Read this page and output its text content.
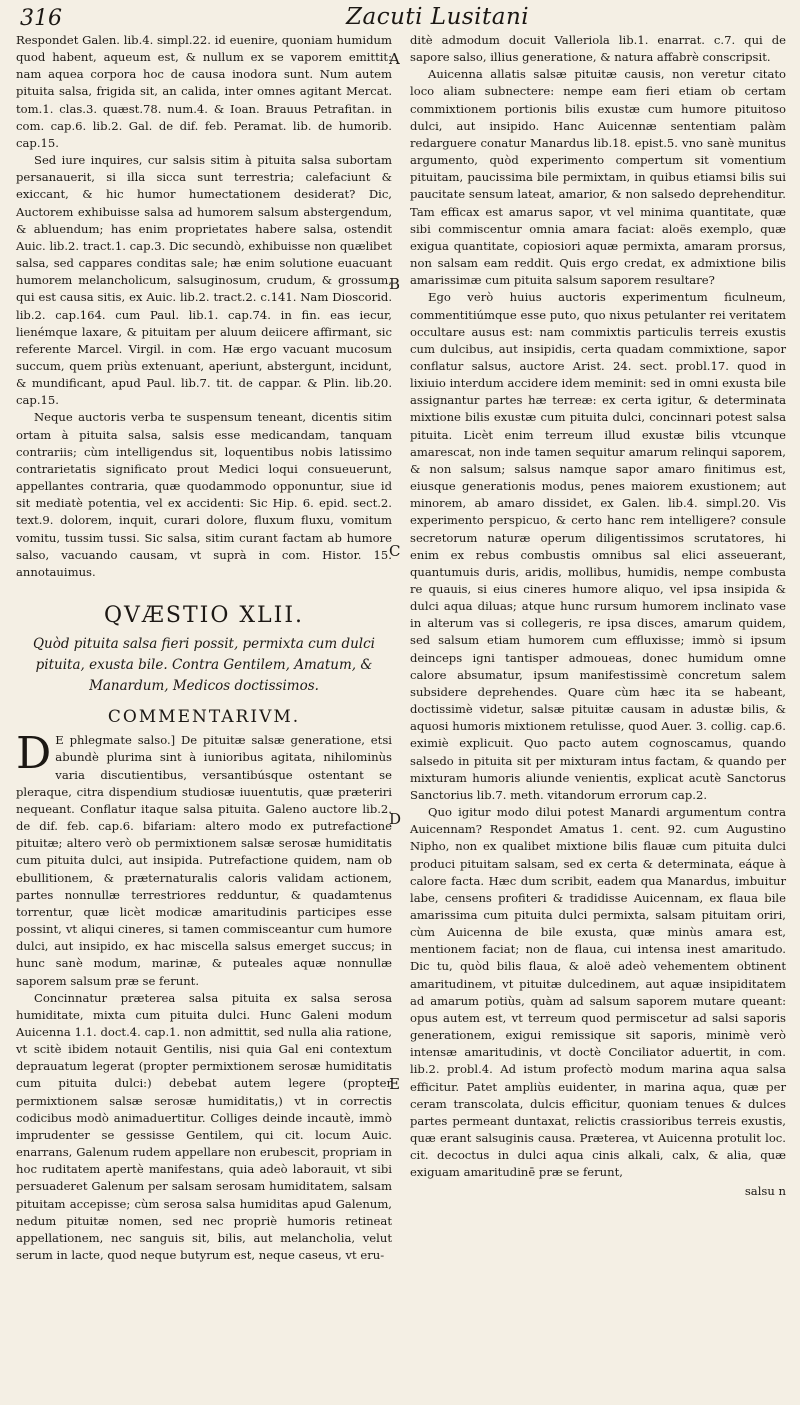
316	Zacuti Lusitani
A
B
C
D
E

Respondet Galen. lib.4. simpl.22. id euenire, quoniam humidum quod habent, aqueum est, & nullum ex se vaporem emittit: nam aquea corpora hoc de causa inodora sunt. Num autem pituita salsa, frigida sit, an calida, inter omnes agitant Mercat. tom.1. clas.3. quæst.78. num.4. & Ioan. Brauus Petrafitan. in com. cap.6. lib.2. Gal. de dif. feb. Peramat. lib. de humorib. cap.15.

Sed iure inquires, cur salsis sitim à pituita salsa subortam persanauerit, si illa sicca sunt terrestria; calefaciunt & exiccant, & hic humor humectationem desiderat? Dic, Auctorem exhibuisse salsa ad humorem salsum abstergendum, & abluendum; has enim proprietates habere salsa, ostendit Auic. lib.2. tract.1. cap.3. Dic secundò, exhibuisse non quælibet salsa, sed cappares conditas sale; hæ enim solutione euacuant humorem melancholicum, salsuginosum, crudum, & grossum, qui est causa sitis, ex Auic. lib.2. tract.2. c.141. Nam Dioscorid. lib.2. cap.164. cum Paul. lib.1. cap.74. in fin. eas iecur, lienémque laxare, & pituitam per aluum deiicere affirmant, sic referente Marcel. Virgil. in com. Hæ ergo vacuant mucosum succum, quem priùs extenuant, aperiunt, abstergunt, incidunt, & mundificant, apud Paul. lib.7. tit. de cappar. & Plin. lib.20. cap.15.

Neque auctoris verba te suspensum teneant, dicentis sitim ortam à pituita salsa, salsis esse medicandam, tanquam contrariis; cùm intelligendus sit, loquentibus nobis latissimo contrarietatis significato prout Medici loqui consueuerunt, appellantes contraria, quæ quodammodo opponuntur, siue id sit mediatè potentia, vel ex accidenti: Sic Hip. 6. epid. sect.2. text.9. dolorem, inquit, curari dolore, fluxum fluxu, vomitum vomitu, tussim tussi. Sic salsa, sitim curant factam ab humore salso, vacuando causam, vt suprà in com. Histor. 15. annotauimus.

QVÆSTIO XLII.
Quòd pituita salsa fieri possit, permixta cum dulci pituita, exusta bile. Contra Gentilem, Amatum, & Manardum, Medicos doctissimos.
COMMENTARIVM.

D E phlegmate salso.] De pituitæ salsæ generatione, etsi abundè plurima sint à iunioribus agitata, nihilominùs varia discutientibus, versantibúsque ostentant se pleraque, citra dispendium studiosæ iuuentutis, quæ præteriri nequeant. Conflatur itaque salsa pituita. Galeno auctore lib.2. de dif. feb. cap.6. bifariam: altero modo ex putrefactione pituitæ; altero verò ob permixtionem salsæ serosæ humiditatis cum pituita dulci, aut insipida. Putrefactione quidem, nam ob ebullitionem, & præternaturalis caloris validam actionem, partes nonnullæ terrestriores redduntur, & quadamtenus torrentur, quæ licèt modicæ amaritudinis participes esse possint, vt aliqui cineres, si tamen commisceantur cum humore dulci, aut insipido, ex hac miscella salsus emerget succus; in hunc sanè modum, marinæ, & puteales aquæ nonnullæ saporem salsum præ se ferunt.

Concinnatur præterea salsa pituita ex salsa serosa humiditate, mixta cum pituita dulci. Hunc Galeni modum Auicenna 1.1. doct.4. cap.1. non admittit, sed nulla alia ratione, vt scitè ibidem notauit Gentilis, nisi quia Gal eni contextum deprauatum legerat (propter permixtionem serosæ humiditatis cum pituita dulci:) debebat autem legere (propter permixtionem salsæ serosæ humiditatis,) vt in correctis codicibus modò animaduertitur. Colliges deinde incautè, immò imprudenter se gessisse Gentilem, qui cit. locum Auic. enarrans, Galenum rudem appellare non erubescit, propriam in hoc ruditatem apertè manifestans, quia adeò laborauit, vt sibi persuaderet Galenum per salsam serosam humiditatem, salsam pituitam accepisse; cùm serosa salsa humiditas apud Galenum, nedum pituitæ nomen, sed nec propriè humoris retineat appellationem, nec sanguis sit, bilis, aut melancholia, velut serum in lacte, quod neque butyrum est, neque caseus, vt eru-

ditè admodum docuit Valleriola lib.1. enarrat. c.7. qui de sapore salso, illius generatione, & natura affabrè conscripsit.

Auicenna allatis salsæ pituitæ causis, non veretur citato loco aliam subnectere: nempe eam fieri etiam ob certam commixtionem portionis bilis exustæ cum humore pituitoso dulci, aut insipido. Hanc Auicennæ sententiam palàm redarguere conatur Manardus lib.18. epist.5. vno sanè munitus argumento, quòd experimento compertum sit vomentium pituitam, paucissima bile permixtam, in quibus etiamsi bilis sui paucitate sensum lateat, amarior, & non salsedo deprehenditur. Tam efficax est amarus sapor, vt vel minima quantitate, quæ sibi commiscentur omnia amara faciat: aloës exemplo, quæ exigua quantitate, copiosiori aquæ permixta, amaram prorsus, non salsam eam reddit. Quis ergo credat, ex admixtione bilis amarissimæ cum pituita salsum saporem resultare?

Ego verò huius auctoris experimentum ficulneum, commentitiúmque esse puto, quo nixus petulanter rei veritatem occultare ausus est: nam commixtis particulis terreis exustis cum dulcibus, aut insipidis, certa quadam commixtione, sapor conflatur salsus, auctore Arist. 24. sect. probl.17. quod in lixiuio interdum accidere idem meminit: sed in omni exusta bile assignantur partes hæ terreæ: ex certa igitur, & determinata mixtione bilis exustæ cum pituita dulci, concinnari potest salsa pituita. Licèt enim terreum illud exustæ bilis vtcunque amarescat, non inde tamen sequitur amarum relinqui saporem, & non salsum; salsus namque sapor amaro finitimus est, eiusque generationis modus, penes maiorem exustionem; aut minorem, ab amaro dissidet, ex Galen. lib.4. simpl.20. Vis experimento perspicuo, & certo hanc rem intelligere? consule secretorum naturæ operum diligentissimos scrutatores, hi enim ex rebus combustis omnibus sal elici asseuerant, quantumuis duris, aridis, mollibus, humidis, nempe combusta re quauis, si eius cineres humore aliquo, vel ipsa insipida & dulci aqua diluas; atque hunc rursum humorem inclinato vase in alterum vas si collegeris, re ipsa disces, amarum quidem, sed salsum etiam humorem cum effluxisse; immò si ipsum deinceps igni tantisper admoueas, donec humidum omne calore absumatur, ipsum manifestissimè concretum salem subsidere deprehendes. Quare cùm hæc ita se habeant, doctissimè videtur, salsæ pituitæ causam in adustæ bilis, & aquosi humoris mixtionem retulisse, quod Auer. 3. collig. cap.6. eximiè explicuit. Quo pacto autem cognoscamus, quando salsedo in pituita sit per mixturam intus factam, & quando per mixturam humoris aliunde venientis, explicat acutè Sanctorus Sanctorius lib.7. meth. vitandorum errorum cap.2.

Quo igitur modo dilui potest Manardi argumentum contra Auicennam? Respondet Amatus 1. cent. 92. cum Augustino Nipho, non ex qualibet mixtione bilis flauæ cum pituita dulci produci pituitam salsam, sed ex certa & determinata, eáque à calore facta. Hæc dum scribit, eadem qua Manardus, imbuitur labe, censens profiteri & tradidisse Auicennam, ex flaua bile amarissima cum pituita dulci permixta, salsam pituitam oriri, cùm Auicenna de bile exusta, quæ minùs amara est, mentionem faciat; non de flaua, cui intensa inest amaritudo. Dic tu, quòd bilis flaua, & aloë adeò vehementem obtinent amaritudinem, vt pituitæ dulcedinem, aut aquæ insipiditatem ad amarum potiùs, quàm ad salsum saporem mutare queant: opus autem est, vt terreum quod permiscetur ad salsi saporis generationem, exigui remissique sit saporis, minimè verò intensæ amaritudinis, vt doctè Conciliator aduertit, in com. lib.2. probl.4. Ad istum profectò modum marina aqua salsa efficitur. Patet ampliùs euidenter, in marina aqua, quæ per ceram transcolata, dulcis efficitur, quoniam tenues & dulces partes permeant duntaxat, relictis crassioribus terreis exustis, quæ erant salsuginis causa. Præterea, vt Auicenna protulit loc. cit. decoctus in dulci aqua cinis alkali, calx, & alia, quæ exiguam amaritudinē præ se ferunt,

salsu n
